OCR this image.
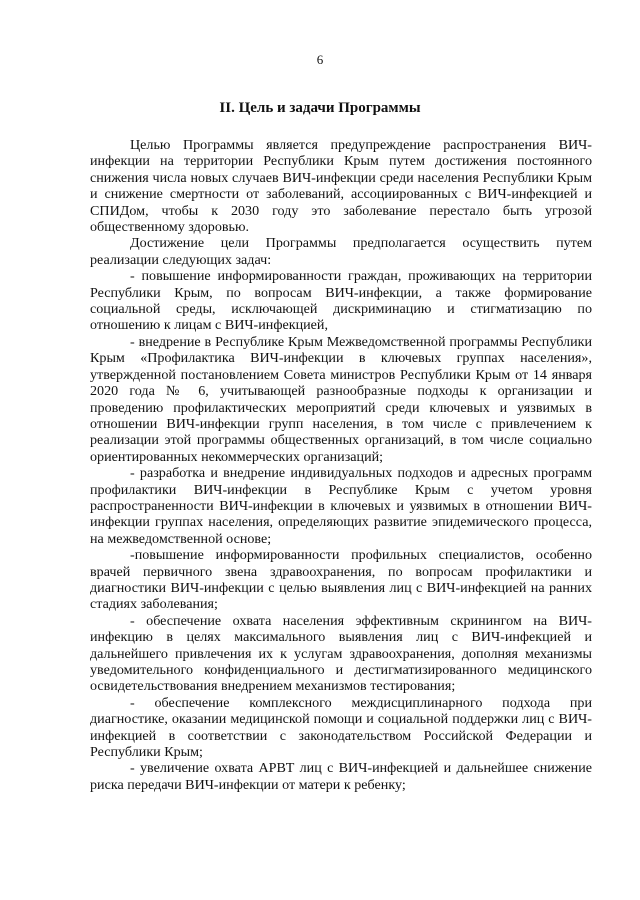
6
II. Цель и задачи Программы

Целью Программы является предупреждение распространения ВИЧ-инфекции на территории Республики Крым путем достижения постоянного снижения числа новых случаев ВИЧ-инфекции среди населения Республики Крым и снижение смертности от заболеваний, ассоциированных с ВИЧ-инфекцией и СПИДом, чтобы к 2030 году это заболевание перестало быть угрозой общественному здоровью.

Достижение цели Программы предполагается осуществить путем реализации следующих задач:

- повышение информированности граждан, проживающих на территории Республики Крым, по вопросам ВИЧ-инфекции, а также формирование социальной среды, исключающей дискриминацию и стигматизацию по отношению к лицам с ВИЧ-инфекцией,

- внедрение в Республике Крым Межведомственной программы Республики Крым «Профилактика ВИЧ-инфекции в ключевых группах населения», утвержденной постановлением Совета министров Республики Крым от 14 января 2020 года № 6, учитывающей разнообразные подходы к организации и проведению профилактических мероприятий среди ключевых и уязвимых в отношении ВИЧ-инфекции групп населения, в том числе с привлечением к реализации этой программы общественных организаций, в том числе социально ориентированных некоммерческих организаций;

- разработка и внедрение индивидуальных подходов и адресных программ профилактики ВИЧ-инфекции в Республике Крым с учетом уровня распространенности ВИЧ-инфекции в ключевых и уязвимых в отношении ВИЧ-инфекции группах населения, определяющих развитие эпидемического процесса, на межведомственной основе;

-повышение информированности профильных специалистов, особенно врачей первичного звена здравоохранения, по вопросам профилактики и диагностики ВИЧ-инфекции с целью выявления лиц с ВИЧ-инфекцией на ранних стадиях заболевания;

- обеспечение охвата населения эффективным скринингом на ВИЧ-инфекцию в целях максимального выявления лиц с ВИЧ-инфекцией и дальнейшего привлечения их к услугам здравоохранения, дополняя механизмы уведомительного конфиденциального и дестигматизированного медицинского освидетельствования внедрением механизмов тестирования;

- обеспечение комплексного междисциплинарного подхода при диагностике, оказании медицинской помощи и социальной поддержки лиц с ВИЧ-инфекцией в соответствии с законодательством Российской Федерации и Республики Крым;

- увеличение охвата АРВТ лиц с ВИЧ-инфекцией и дальнейшее снижение риска передачи ВИЧ-инфекции от матери к ребенку;
